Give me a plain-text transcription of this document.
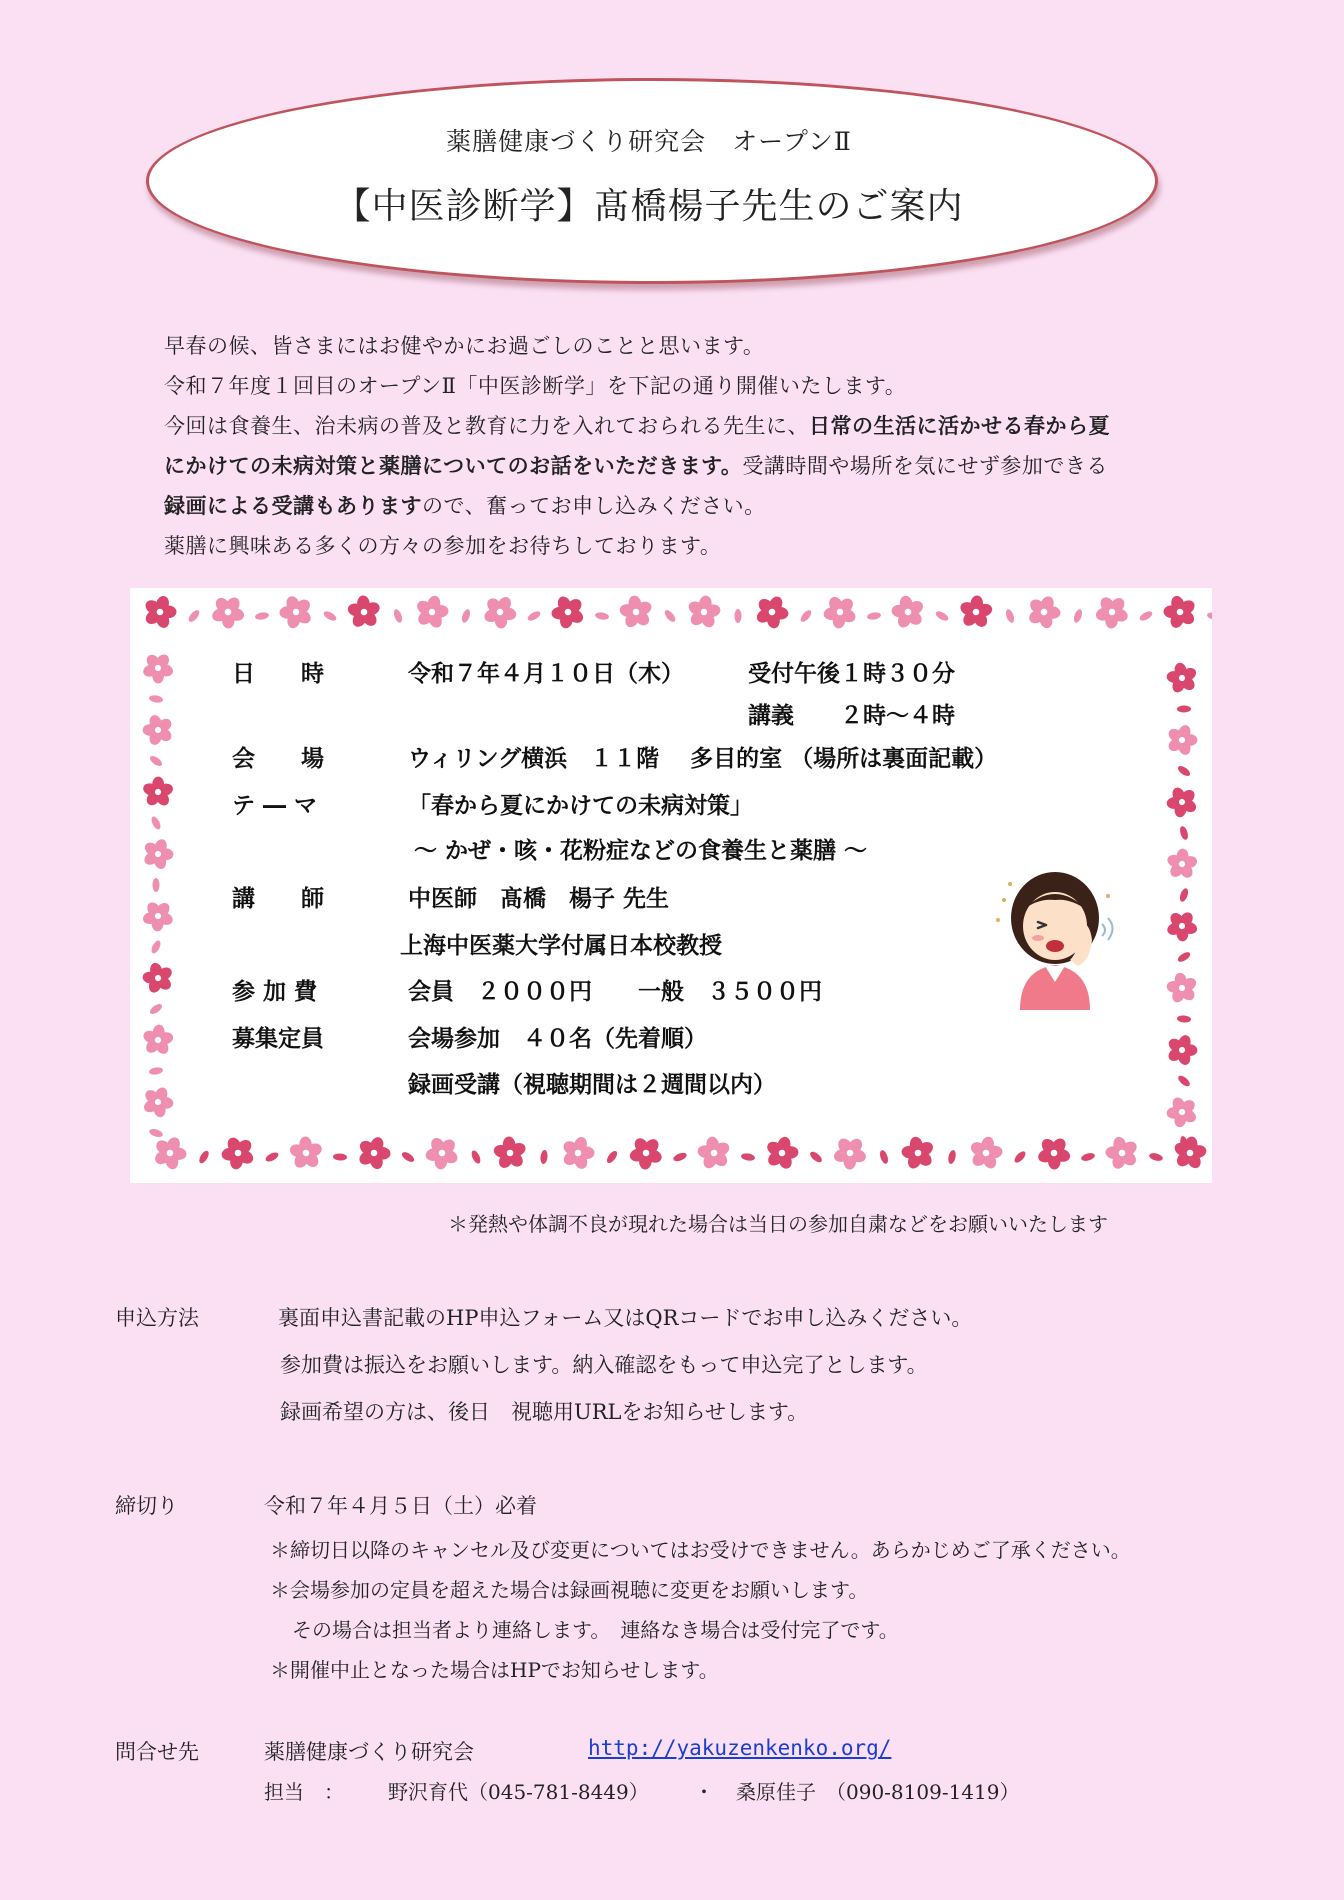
薬膳健康づくり研究会　オープンⅡ
【中医診断学】髙橋楊子先生のご案内
早春の候、皆さまにはお健やかにお過ごしのことと思います。
令和７年度１回目のオープンⅡ「中医診断学」を下記の通り開催いたします。
今回は食養生、治未病の普及と教育に力を入れておられる先生に、日常の生活に活かせる春から夏
にかけての未病対策と薬膳についてのお話をいただきます。受講時間や場所を気にせず参加できる
録画による受講もありますので、奮ってお申し込みください。
薬膳に興味ある多くの方々の参加をお待ちしております。
日　　時	令和７年４月１０日（木）	受付午後１時３０分
講義　　２時～４時
会　　場	ウィリング横浜　１１階　 多目的室 （場所は裏面記載）
テ ― マ	「春から夏にかけての未病対策」
～ かぜ・咳・花粉症などの食養生と薬膳 ～
講　　師	中医師　髙橋　楊子 先生
上海中医薬大学付属日本校教授
参 加 費	会員　２０００円　　一般　３５００円
募集定員	会場参加　４０名（先着順）
録画受講（視聴期間は２週間以内）
＊発熱や体調不良が現れた場合は当日の参加自粛などをお願いいたします
申込方法	裏面申込書記載のHP申込フォーム又はQRコードでお申し込みください。
参加費は振込をお願いします。納入確認をもって申込完了とします。
録画希望の方は、後日　視聴用URLをお知らせします。
締切り	令和７年４月５日（土）必着
＊締切日以降のキャンセル及び変更についてはお受けできません。あらかじめご了承ください。
＊会場参加の定員を超えた場合は録画視聴に変更をお願いします。
その場合は担当者より連絡します。　連絡なき場合は受付完了です。
＊開催中止となった場合はHPでお知らせします。
問合せ先	薬膳健康づくり研究会	http://yakuzenkenko.org/
担当　： 野沢育代（045-781-8449） ・ 桑原佳子　（090-8109-1419）
